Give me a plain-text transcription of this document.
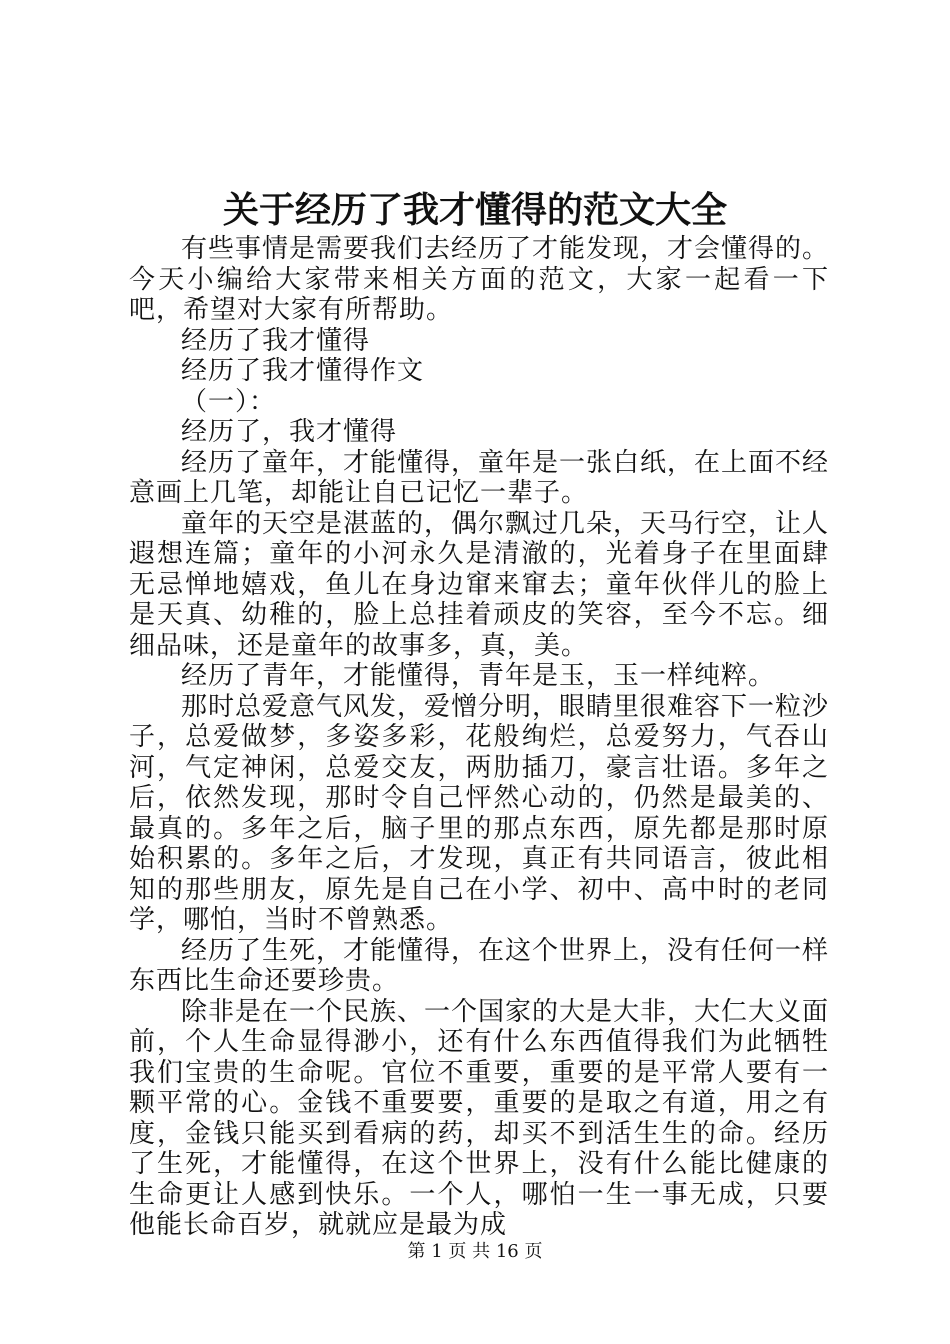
关于经历了我才懂得的范文大全

有些事情是需要我们去经历了才能发现，才会懂得的。今天小编给大家带来相关方面的范文，大家一起看一下吧，希望对大家有所帮助。

经历了我才懂得

经历了我才懂得作文

（一）：

经历了，我才懂得

经历了童年，才能懂得，童年是一张白纸，在上面不经意画上几笔，却能让自已记忆一辈子。

童年的天空是湛蓝的，偶尔飘过几朵，天马行空，让人遐想连篇；童年的小河永久是清澈的，光着身子在里面肆无忌惮地嬉戏，鱼儿在身边窜来窜去；童年伙伴儿的脸上是天真、幼稚的，脸上总挂着顽皮的笑容，至今不忘。细细品味，还是童年的故事多，真，美。

经历了青年，才能懂得，青年是玉，玉一样纯粹。

那时总爱意气风发，爱憎分明，眼睛里很难容下一粒沙子，总爱做梦，多姿多彩，花般绚烂，总爱努力，气吞山河，气定神闲，总爱交友，两肋插刀，豪言壮语。多年之后，依然发现，那时令自己怦然心动的，仍然是最美的、最真的。多年之后，脑子里的那点东西，原先都是那时原始积累的。多年之后，才发现，真正有共同语言，彼此相知的那些朋友，原先是自己在小学、初中、高中时的老同学，哪怕，当时不曾熟悉。

经历了生死，才能懂得，在这个世界上，没有任何一样东西比生命还要珍贵。

除非是在一个民族、一个国家的大是大非，大仁大义面前，个人生命显得渺小，还有什么东西值得我们为此牺牲我们宝贵的生命呢。官位不重要，重要的是平常人要有一颗平常的心。金钱不重要要，重要的是取之有道，用之有度，金钱只能买到看病的药，却买不到活生生的命。经历了生死，才能懂得，在这个世界上，没有什么能比健康的生命更让人感到快乐。一个人，哪怕一生一事无成，只要他能长命百岁，就就应是最为成

第 1 页 共 16 页
